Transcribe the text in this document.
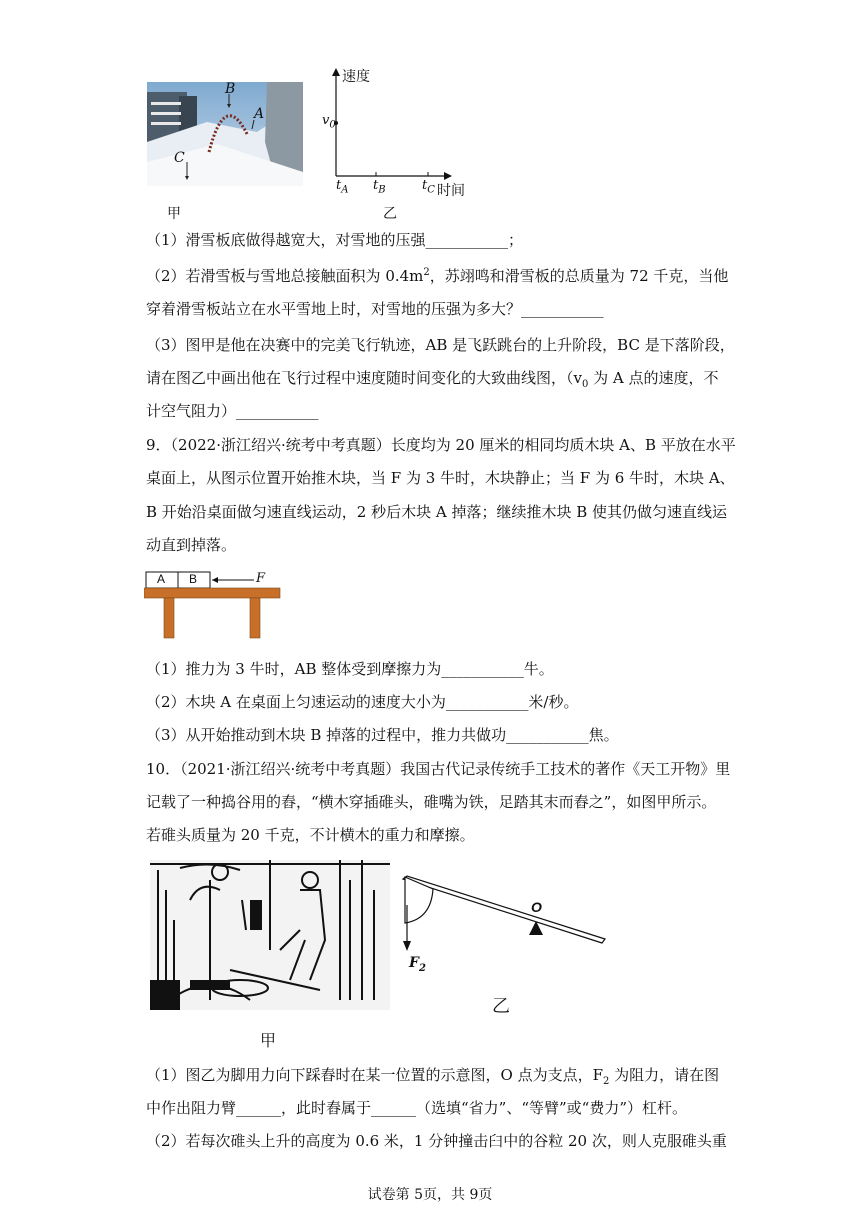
B
A
C
速度
时间
$v_0$
$t_A$ $t_B$	$t_C$
甲	乙
（1）滑雪板底做得越宽大，对雪地的压强___________；
（2）若滑雪板与雪地总接触面积为 $0.4m^2$，苏翊鸣和滑雪板的总质量为 72 千克，当他
穿着滑雪板站立在水平雪地上时，对雪地的压强为多大？___________
（3）图甲是他在决赛中的完美飞行轨迹，AB 是飞跃跳台的上升阶段，BC 是下落阶段，
请在图乙中画出他在飞行过程中速度随时间变化的大致曲线图，（$v_0$ 为 A 点的速度，不
计空气阻力）___________
9．（2022·浙江绍兴·统考中考真题）长度均为 20 厘米的相同均质木块 A、B 平放在水平
桌面上，从图示位置开始推木块，当 F 为 3 牛时，木块静止；当 F 为 6 牛时，木块 A、
B 开始沿桌面做匀速直线运动，2 秒后木块 A 掉落；继续推木块 B 使其仍做匀速直线运
动直到掉落。
A B	F
（1）推力为 3 牛时，AB 整体受到摩擦力为___________牛。
（2）木块 A 在桌面上匀速运动的速度大小为___________米/秒。
（3）从开始推动到木块 B 掉落的过程中，推力共做功___________焦。
10．（2021·浙江绍兴·统考中考真题）我国古代记录传统手工技术的著作《天工开物》里
记载了一种捣谷用的舂，“横木穿插碓头，碓嘴为铁，足踏其末而舂之”，如图甲所示。
若碓头质量为 20 千克，不计横木的重力和摩擦。
O
$F_2$
甲
乙
（1）图乙为脚用力向下踩舂时在某一位置的示意图，O 点为支点，$F_2$ 为阻力，请在图
中作出阻力臂______，此时舂属于______（选填“省力”、“等臂”或“费力”）杠杆。
（2）若每次碓头上升的高度为 0.6 米，1 分钟撞击臼中的谷粒 20 次，则人克服碓头重
试卷第 5页，共 9页
